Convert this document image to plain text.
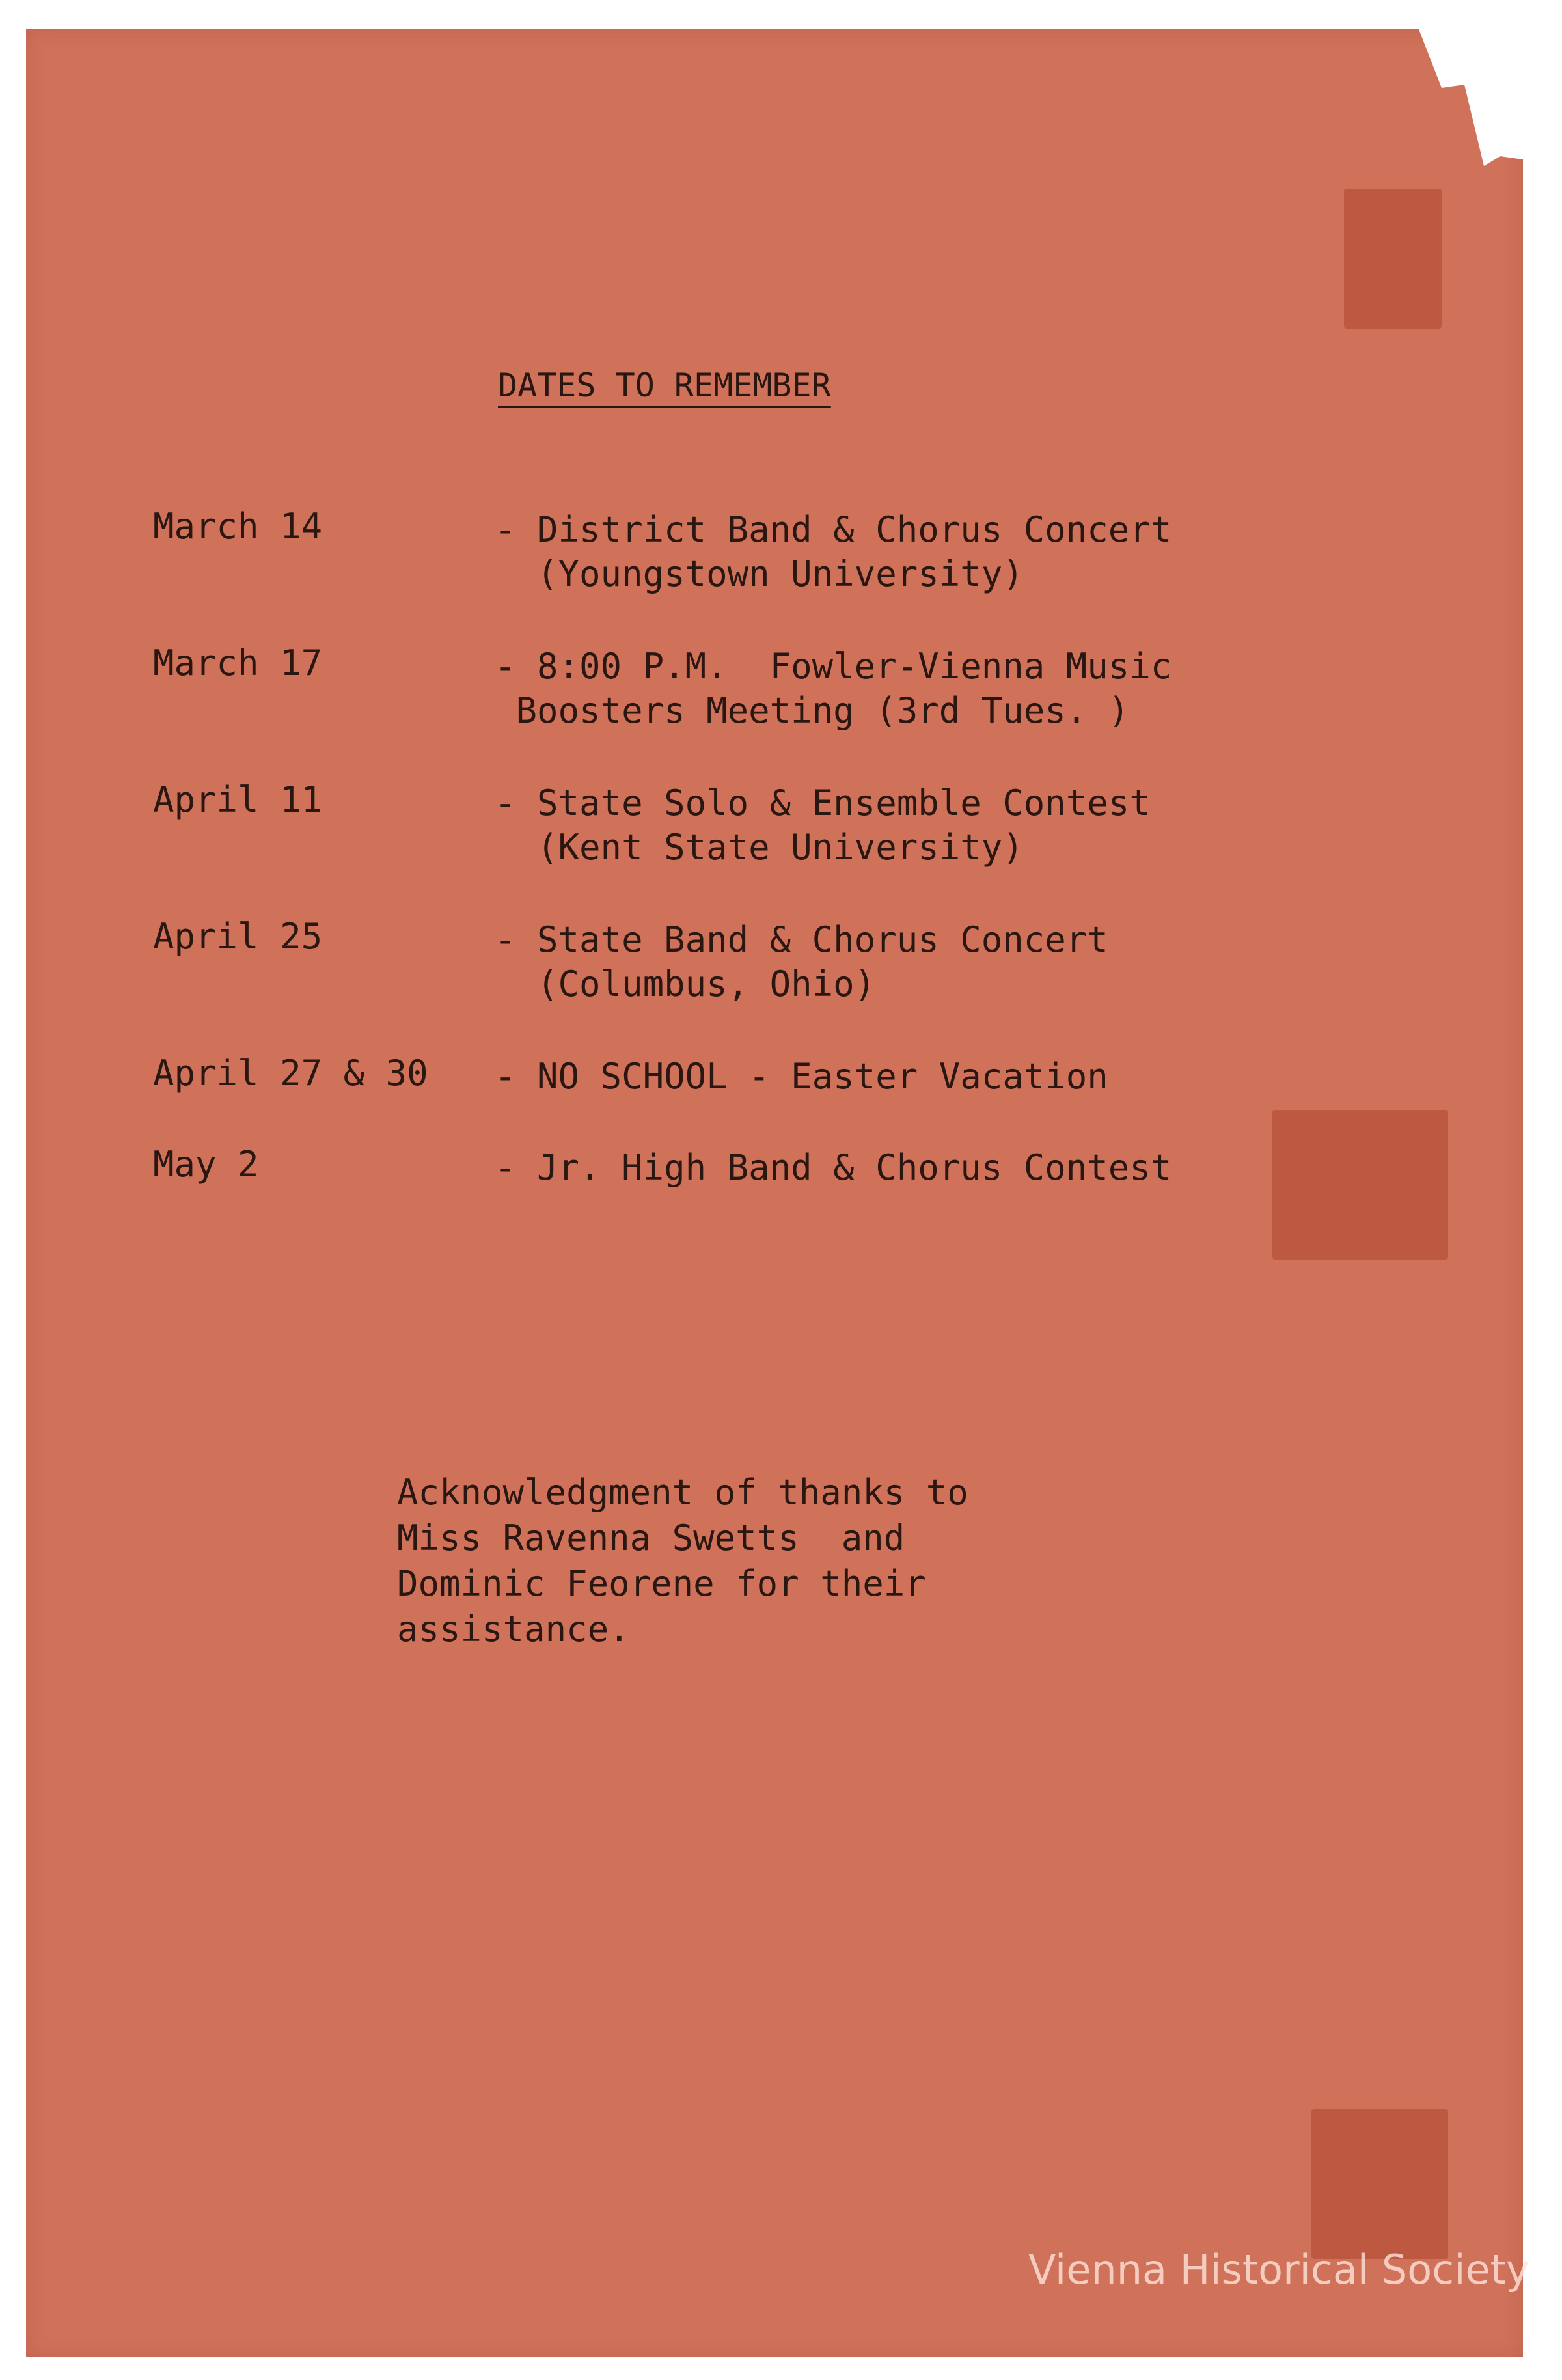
DATES TO REMEMBER
March 14	- District Band & Chorus Concert
(Youngstown University)
March 17	- 8:00 P.M.  Fowler-Vienna Music
Boosters Meeting (3rd Tues. )
April 11	- State Solo & Ensemble Contest
(Kent State University)
April 25	- State Band & Chorus Concert
(Columbus, Ohio)
April 27 & 30 - NO SCHOOL - Easter Vacation
May 2	- Jr. High Band & Chorus Contest
Acknowledgment of thanks to
Miss Ravenna Swetts  and
Dominic Feorene for their
assistance.
Vienna Historical Society
